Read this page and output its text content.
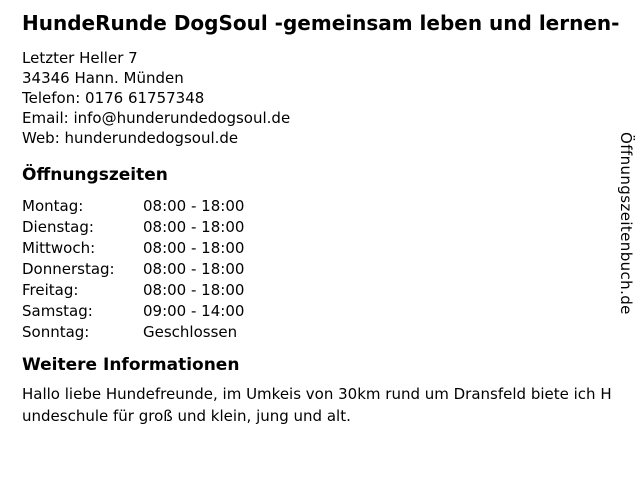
HundeRunde DogSoul -gemeinsam leben und lernen-
Letzter Heller 7
34346 Hann. Münden
Telefon: 0176 61757348
Email: info@hunderundedogsoul.de
Web: hunderundedogsoul.de
Öffnungszeiten
Montag:	08:00 - 18:00
Dienstag:	08:00 - 18:00
Mittwoch:	08:00 - 18:00
Donnerstag:	08:00 - 18:00
Freitag:	08:00 - 18:00
Samstag:	09:00 - 14:00
Sonntag:	Geschlossen
Weitere Informationen

Hallo liebe Hundefreunde, im Umkeis von 30km rund um Dransfeld biete ich Hundeschule für groß und klein, jung und alt.

Öffnungszeitenbuch.de
